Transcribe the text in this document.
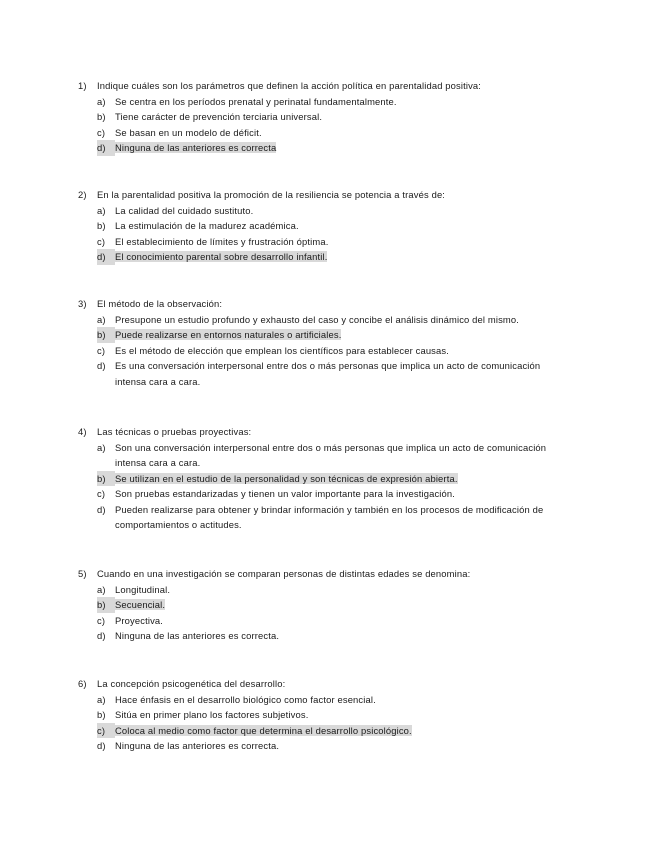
1)	Indique cuáles son los parámetros que definen la acción política en parentalidad positiva:
a) Se centra en los períodos prenatal y perinatal fundamentalmente.
b) Tiene carácter de prevención terciaria universal.
c)	Se basan en un modelo de déficit.
d) Ninguna de las anteriores es correcta
2)	En la parentalidad positiva la promoción de la resiliencia se potencia a través de:
a) La calidad del cuidado sustituto.
b) La estimulación de la madurez académica.
c)	El establecimiento de límites y frustración óptima.
d) El conocimiento parental sobre desarrollo infantil.
3)	El método de la observación:
a) Presupone un estudio profundo y exhausto del caso y concibe el análisis dinámico del mismo.
b) Puede realizarse en entornos naturales o artificiales.
c)	Es el método de elección que emplean los científicos para establecer causas.
d) Es una conversación interpersonal entre dos o más personas que implica un acto de comunicación intensa cara a cara.
4)	Las técnicas o pruebas proyectivas:
a) Son una conversación interpersonal entre dos o más personas que implica un acto de comunicación intensa cara a cara.
b) Se utilizan en el estudio de la personalidad y son técnicas de expresión abierta.
c)	Son pruebas estandarizadas y tienen un valor importante para la investigación.
d) Pueden realizarse para obtener y brindar información y también en los procesos de modificación de comportamientos o actitudes.
5)	Cuando en una investigación se comparan personas de distintas edades se denomina:
a) Longitudinal.
b) Secuencial.
c)	Proyectiva.
d) Ninguna de las anteriores es correcta.
6)	La concepción psicogenética del desarrollo:
a) Hace énfasis en el desarrollo biológico como factor esencial.
b) Sitúa en primer plano los factores subjetivos.
c)	Coloca al medio como factor que determina el desarrollo psicológico.
d) Ninguna de las anteriores es correcta.
